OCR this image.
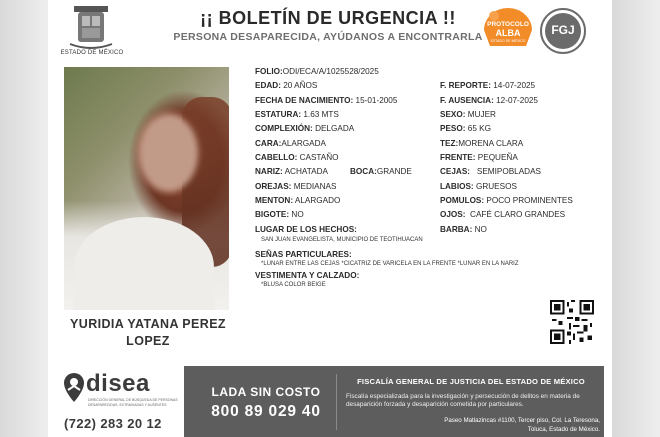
ESTADO DE MÉXICO
¡¡ BOLETÍN DE URGENCIA !!
PERSONA DESAPARECIDA, AYÚDANOS A ENCONTRARLA
PROTOCOLO
ALBA
ESTADO DE MÉXICO
FGJ
YURIDIA YATANA PEREZ
LOPEZ
FOLIO:ODI/ECA/A/1025528/2025
EDAD: 20 AÑOS
FECHA DE NACIMIENTO: 15-01-2005
ESTATURA: 1.63 MTS
COMPLEXIÓN: DELGADA
CARA:ALARGADA
CABELLO: CASTAÑO
NARIZ: ACHATADA	BOCA:GRANDE
OREJAS: MEDIANAS
MENTON: ALARGADO
BIGOTE: NO
LUGAR DE LOS HECHOS:
SAN JUAN EVANGELISTA, MUNICIPIO DE TEOTIHUACAN
SEÑAS PARTICULARES:
*LUNAR ENTRE LAS CEJAS *CICATRIZ DE VARICELA EN LA FRENTE *LUNAR EN LA NARIZ
VESTIMENTA Y CALZADO:
*BLUSA COLOR BEIGE
F. REPORTE: 14-07-2025
F. AUSENCIA: 12-07-2025
SEXO: MUJER
PESO: 65 KG
TEZ:MORENA CLARA
FRENTE: PEQUEÑA
CEJAS: SEMIPOBLADAS
LABIOS: GRUESOS
POMULOS: POCO PROMINENTES
OJOS: CAFÉ CLARO GRANDES
BARBA: NO
disea
DIRECCIÓN GENERAL DE BÚSQUEDA DE PERSONAS DESAPARECIDAS, EXTRAVIADAS Y AUSENTES
(722) 283 20 12
LADA SIN COSTO
800 89 029 40
FISCALÍA GENERAL DE JUSTICIA DEL ESTADO DE MÉXICO
Fiscalía especializada para la investigación y persecución de delitos en materia de desaparición forzada y desaparición cometida por particulares.
Paseo Matlazincas #1100, Tercer piso, Col. La Teresona,
Toluca, Estado de México.
